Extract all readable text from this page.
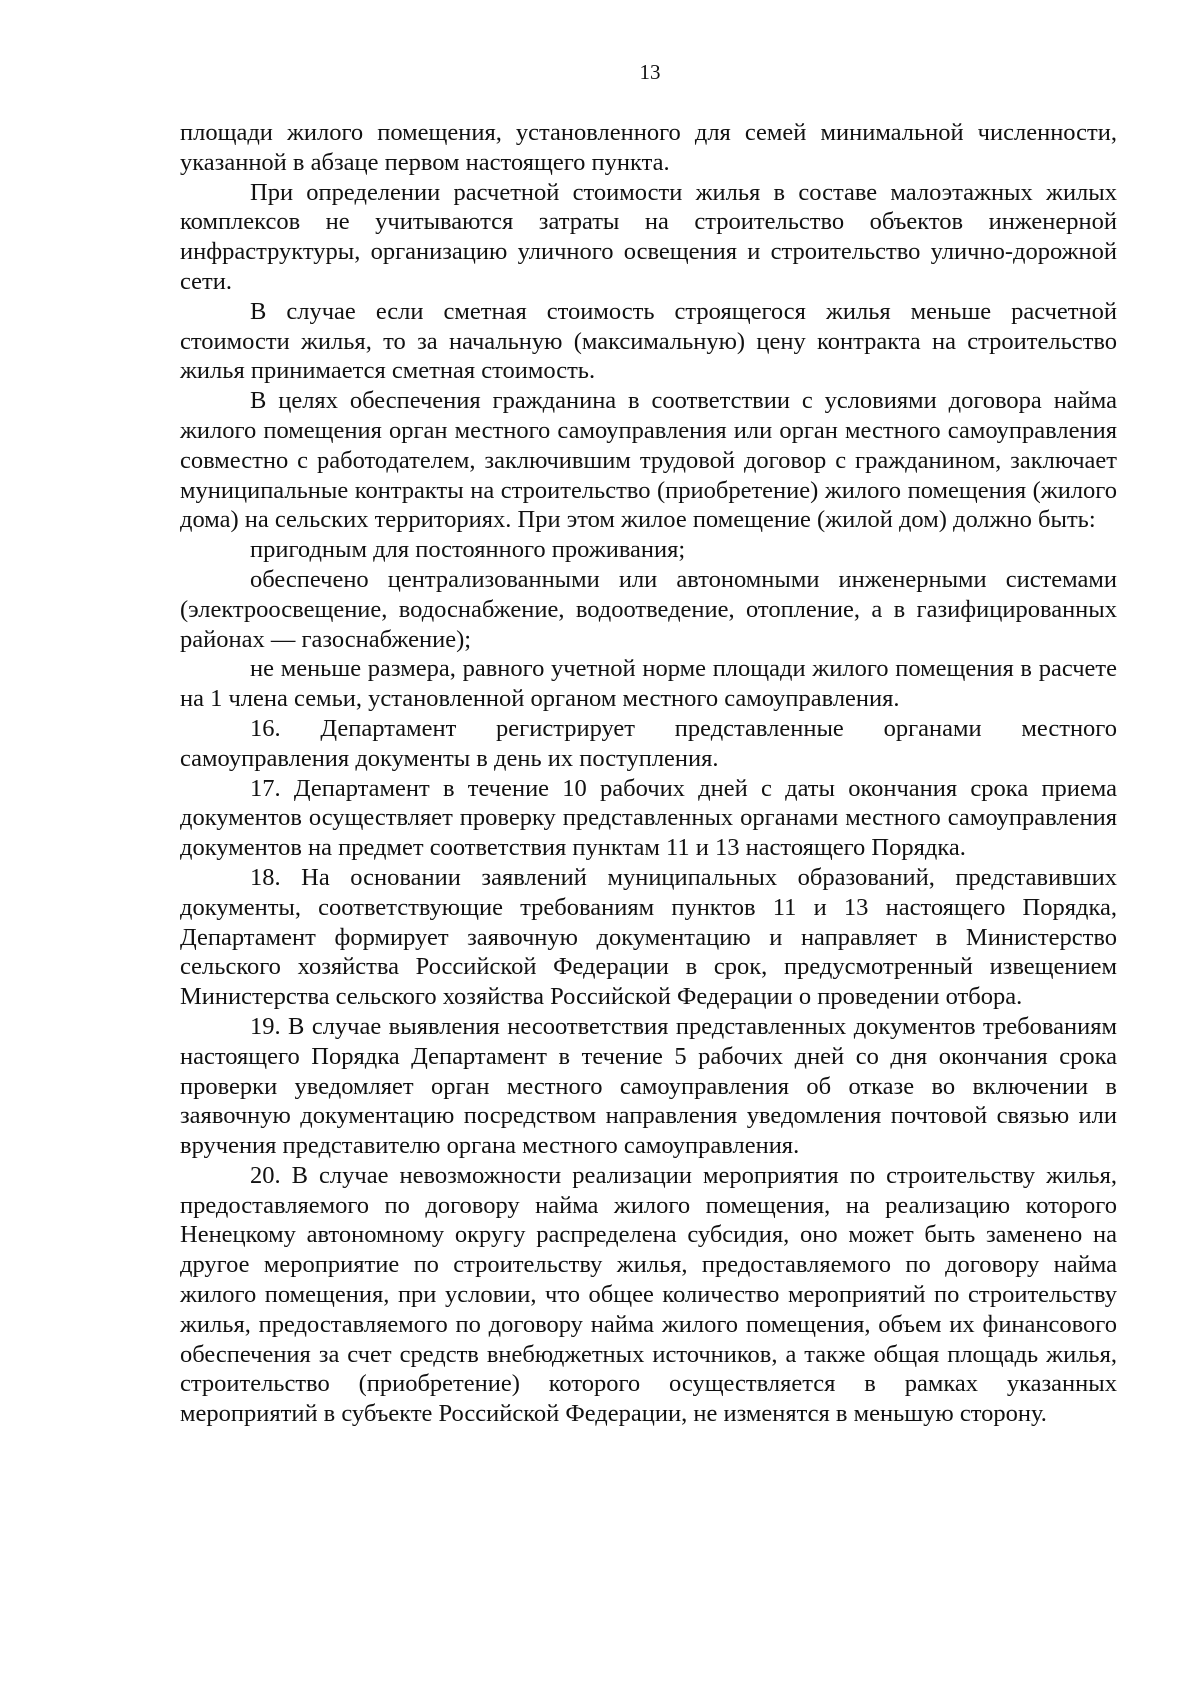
13

площади жилого помещения, установленного для семей минимальной численности, указанной в абзаце первом настоящего пункта.

При определении расчетной стоимости жилья в составе малоэтажных жилых комплексов не учитываются затраты на строительство объектов инженерной инфраструктуры, организацию уличного освещения и строительство улично-дорожной сети.

В случае если сметная стоимость строящегося жилья меньше расчетной стоимости жилья, то за начальную (максимальную) цену контракта на строительство жилья принимается сметная стоимость.

В целях обеспечения гражданина в соответствии с условиями договора найма жилого помещения орган местного самоуправления или орган местного самоуправления совместно с работодателем, заключившим трудовой договор с гражданином, заключает муниципальные контракты на строительство (приобретение) жилого помещения (жилого дома) на сельских территориях. При этом жилое помещение (жилой дом) должно быть:

пригодным для постоянного проживания;

обеспечено централизованными или автономными инженерными системами (электроосвещение, водоснабжение, водоотведение, отопление, а в газифицированных районах — газоснабжение);

не меньше размера, равного учетной норме площади жилого помещения в расчете на 1 члена семьи, установленной органом местного самоуправления.

16. Департамент регистрирует представленные органами местного самоуправления документы в день их поступления.

17. Департамент в течение 10 рабочих дней с даты окончания срока приема документов осуществляет проверку представленных органами местного самоуправления документов на предмет соответствия пунктам 11 и 13 настоящего Порядка.

18. На основании заявлений муниципальных образований, представивших документы, соответствующие требованиям пунктов 11 и 13 настоящего Порядка, Департамент формирует заявочную документацию и направляет в Министерство сельского хозяйства Российской Федерации в срок, предусмотренный извещением Министерства сельского хозяйства Российской Федерации о проведении отбора.

19. В случае выявления несоответствия представленных документов требованиям настоящего Порядка Департамент в течение 5 рабочих дней со дня окончания срока проверки уведомляет орган местного самоуправления об отказе во включении в заявочную документацию посредством направления уведомления почтовой связью или вручения представителю органа местного самоуправления.

20. В случае невозможности реализации мероприятия по строительству жилья, предоставляемого по договору найма жилого помещения, на реализацию которого Ненецкому автономному округу распределена субсидия, оно может быть заменено на другое мероприятие по строительству жилья, предоставляемого по договору найма жилого помещения, при условии, что общее количество мероприятий по строительству жилья, предоставляемого по договору найма жилого помещения, объем их финансового обеспечения за счет средств внебюджетных источников, а также общая площадь жилья, строительство (приобретение) которого осуществляется в рамках указанных мероприятий в субъекте Российской Федерации, не изменятся в меньшую сторону.
